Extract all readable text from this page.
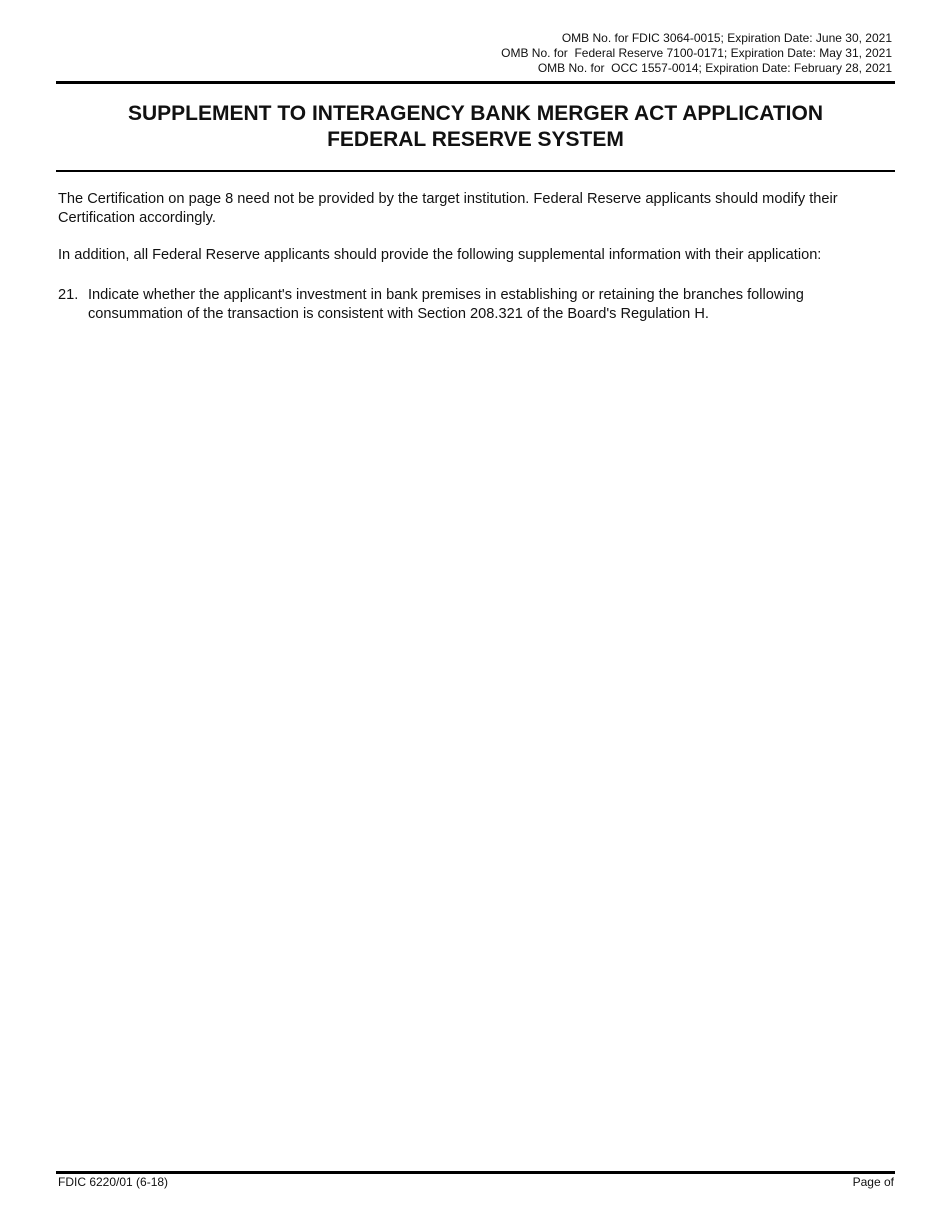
OMB No. for FDIC 3064-0015; Expiration Date: June 30, 2021
OMB No. for  Federal Reserve 7100-0171; Expiration Date: May 31, 2021
OMB No. for  OCC 1557-0014; Expiration Date: February 28, 2021
SUPPLEMENT TO INTERAGENCY BANK MERGER ACT APPLICATION
FEDERAL RESERVE SYSTEM
The Certification on page 8 need not be provided by the target institution. Federal Reserve applicants should modify their Certification accordingly.
In addition, all Federal Reserve applicants should provide the following supplemental information with their application:
21. Indicate whether the applicant's investment in bank premises in establishing or retaining the branches following consummation of the transaction is consistent with Section 208.321 of the Board's Regulation H.
FDIC 6220/01 (6-18)	Page of
